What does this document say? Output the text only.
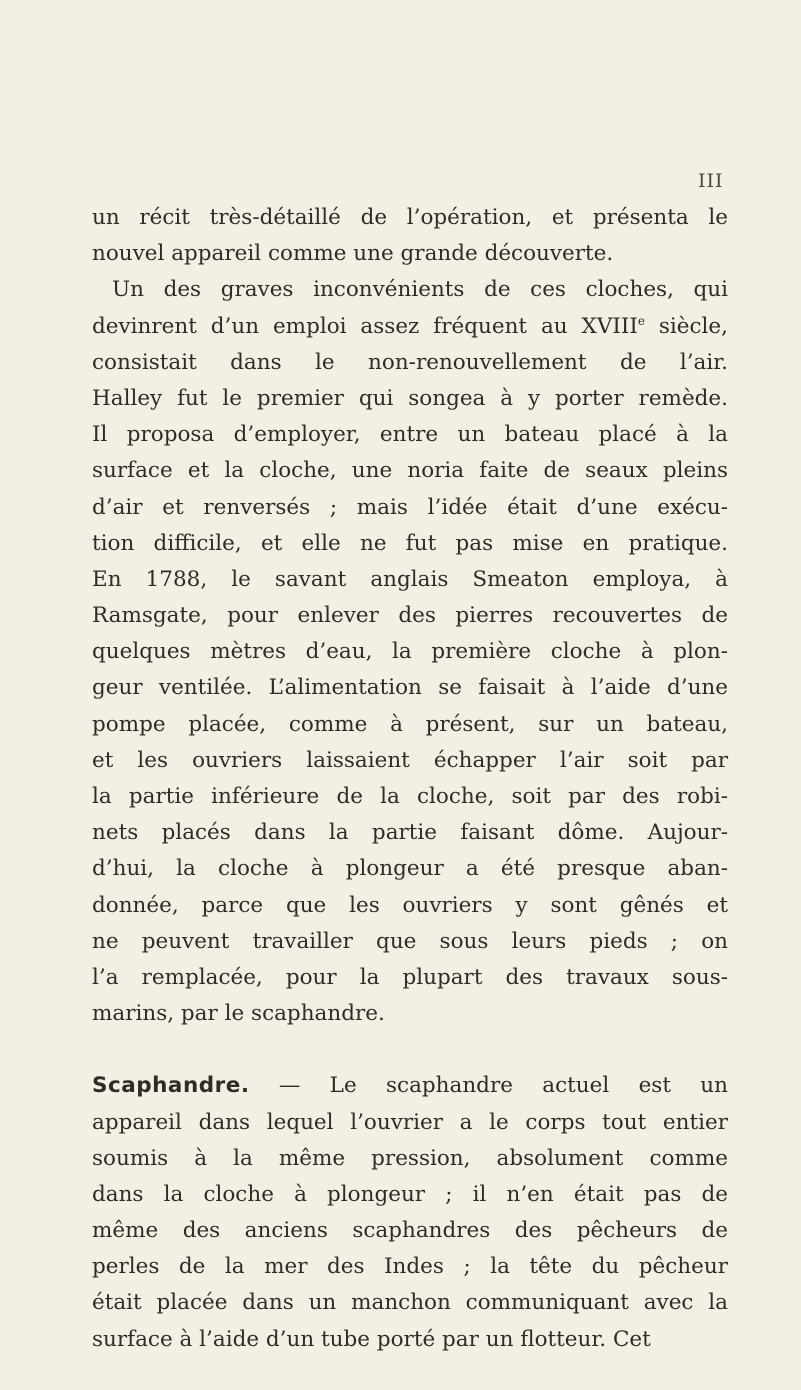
III
un récit très-détaillé de l’opération, et présenta le
nouvel appareil comme une grande découverte.
Un des graves inconvénients de ces cloches, qui
devinrent d’un emploi assez fréquent au XVIIIe siècle,
consistait dans le non-renouvellement de l’air.
Halley fut le premier qui songea à y porter remède.
Il proposa d’employer, entre un bateau placé à la
surface et la cloche, une noria faite de seaux pleins
d’air et renversés ; mais l’idée était d’une exécu-
tion difficile, et elle ne fut pas mise en pratique.
En 1788, le savant anglais Smeaton employa, à
Ramsgate, pour enlever des pierres recouvertes de
quelques mètres d’eau, la première cloche à plon-
geur ventilée. L’alimentation se faisait à l’aide d’une
pompe placée, comme à présent, sur un bateau,
et les ouvriers laissaient échapper l’air soit par
la partie inférieure de la cloche, soit par des robi-
nets placés dans la partie faisant dôme. Aujour-
d’hui, la cloche à plongeur a été presque aban-
donnée, parce que les ouvriers y sont gênés et
ne peuvent travailler que sous leurs pieds ; on
l’a remplacée, pour la plupart des travaux sous-
marins, par le scaphandre.
Scaphandre. — Le scaphandre actuel est un
appareil dans lequel l’ouvrier a le corps tout entier
soumis à la même pression, absolument comme
dans la cloche à plongeur ; il n’en était pas de
même des anciens scaphandres des pêcheurs de
perles de la mer des Indes ; la tête du pêcheur
était placée dans un manchon communiquant avec la
surface à l’aide d’un tube porté par un flotteur. Cet
